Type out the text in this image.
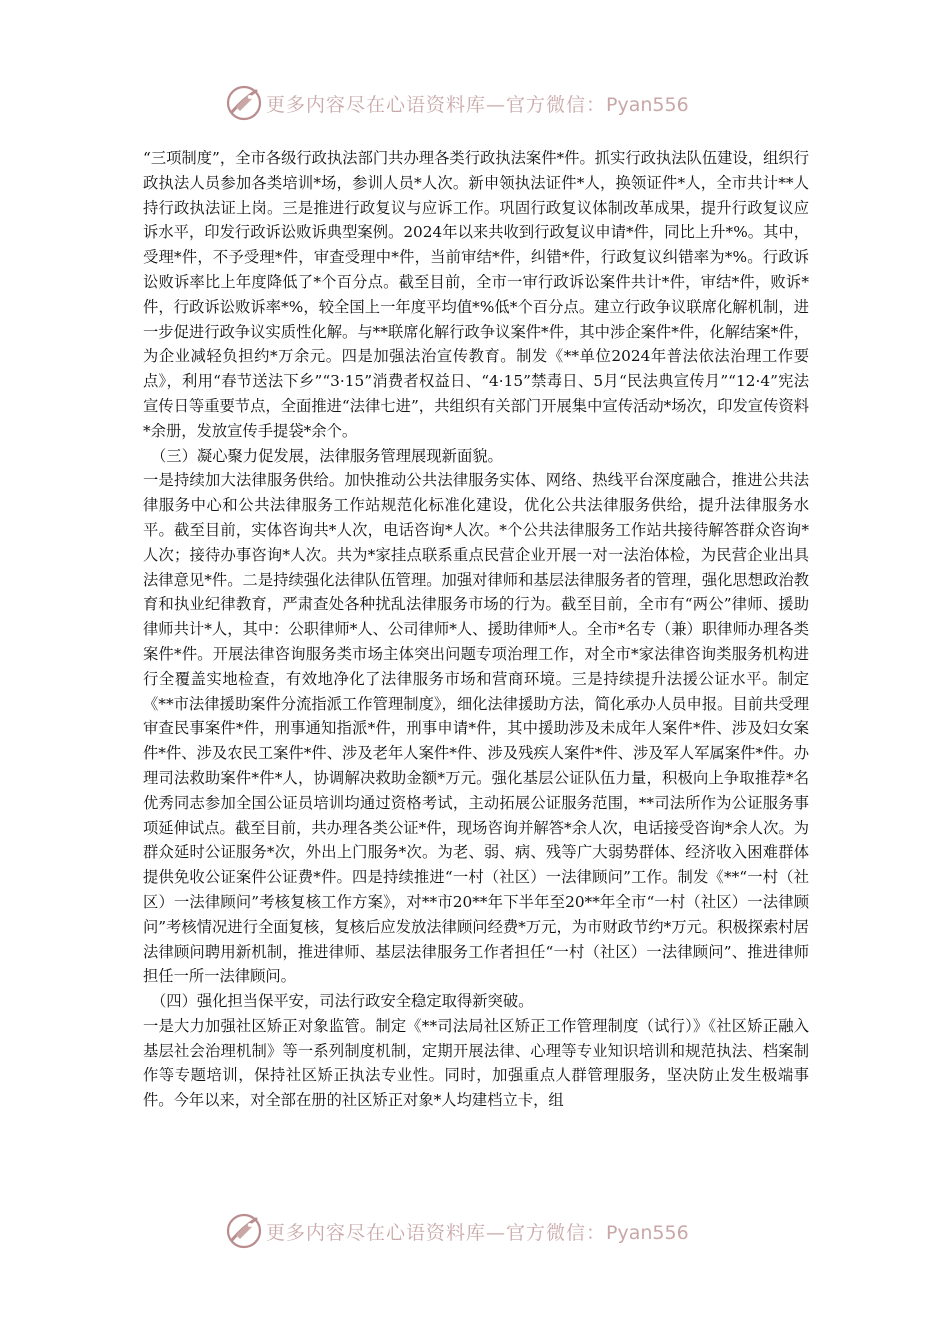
更多内容尽在心语资料库—官方微信：Pyan556

“三项制度”，全市各级行政执法部门共办理各类行政执法案件*件。抓实行政执法队伍建设，组织行政执法人员参加各类培训*场，参训人员*人次。新申领执法证件*人，换领证件*人，全市共计**人持行政执法证上岗。三是推进行政复议与应诉工作。巩固行政复议体制改革成果，提升行政复议应诉水平，印发行政诉讼败诉典型案例。2024年以来共收到行政复议申请*件，同比上升*%。其中，受理*件，不予受理*件，审查受理中*件，当前审结*件，纠错*件，行政复议纠错率为*%。行政诉讼败诉率比上年度降低了*个百分点。截至目前，全市一审行政诉讼案件共计*件，审结*件，败诉*件，行政诉讼败诉率*%，较全国上一年度平均值*%低*个百分点。建立行政争议联席化解机制，进一步促进行政争议实质性化解。与**联席化解行政争议案件*件，其中涉企案件*件，化解结案*件，为企业减轻负担约*万余元。四是加强法治宣传教育。制发《**单位2024年普法依法治理工作要点》，利用“春节送法下乡”“3·15”消费者权益日、“4·15”禁毒日、5月“民法典宣传月”“12·4”宪法宣传日等重要节点，全面推进“法律七进”，共组织有关部门开展集中宣传活动*场次，印发宣传资料*余册，发放宣传手提袋*余个。

（三）凝心聚力促发展，法律服务管理展现新面貌。

一是持续加大法律服务供给。加快推动公共法律服务实体、网络、热线平台深度融合，推进公共法律服务中心和公共法律服务工作站规范化标准化建设，优化公共法律服务供给，提升法律服务水平。截至目前，实体咨询共*人次，电话咨询*人次。*个公共法律服务工作站共接待解答群众咨询*人次；接待办事咨询*人次。共为*家挂点联系重点民营企业开展一对一法治体检，为民营企业出具法律意见*件。二是持续强化法律队伍管理。加强对律师和基层法律服务者的管理，强化思想政治教育和执业纪律教育，严肃查处各种扰乱法律服务市场的行为。截至目前，全市有“两公”律师、援助律师共计*人，其中：公职律师*人、公司律师*人、援助律师*人。全市*名专（兼）职律师办理各类案件*件。开展法律咨询服务类市场主体突出问题专项治理工作，对全市*家法律咨询类服务机构进行全覆盖实地检查，有效地净化了法律服务市场和营商环境。三是持续提升法援公证水平。制定《**市法律援助案件分流指派工作管理制度》，细化法律援助方法，简化承办人员申报。目前共受理审查民事案件*件，刑事通知指派*件，刑事申请*件，其中援助涉及未成年人案件*件、涉及妇女案件*件、涉及农民工案件*件、涉及老年人案件*件、涉及残疾人案件*件、涉及军人军属案件*件。办理司法救助案件*件*人，协调解决救助金额*万元。强化基层公证队伍力量，积极向上争取推荐*名优秀同志参加全国公证员培训均通过资格考试，主动拓展公证服务范围，**司法所作为公证服务事项延伸试点。截至目前，共办理各类公证*件，现场咨询并解答*余人次，电话接受咨询*余人次。为群众延时公证服务*次，外出上门服务*次。为老、弱、病、残等广大弱势群体、经济收入困难群体提供免收公证案件公证费*件。四是持续推进“一村（社区）一法律顾问”工作。制发《**“一村（社区）一法律顾问”考核复核工作方案》，对**市20**年下半年至20**年全市“一村（社区）一法律顾问”考核情况进行全面复核，复核后应发放法律顾问经费*万元，为市财政节约*万元。积极探索村居法律顾问聘用新机制，推进律师、基层法律服务工作者担任“一村（社区）一法律顾问”、推进律师担任一所一法律顾问。

（四）强化担当保平安，司法行政安全稳定取得新突破。

一是大力加强社区矫正对象监管。制定《**司法局社区矫正工作管理制度（试行）》《社区矫正融入基层社会治理机制》等一系列制度机制，定期开展法律、心理等专业知识培训和规范执法、档案制作等专题培训，保持社区矫正执法专业性。同时，加强重点人群管理服务，坚决防止发生极端事件。今年以来，对全部在册的社区矫正对象*人均建档立卡，组

更多内容尽在心语资料库—官方微信：Pyan556
